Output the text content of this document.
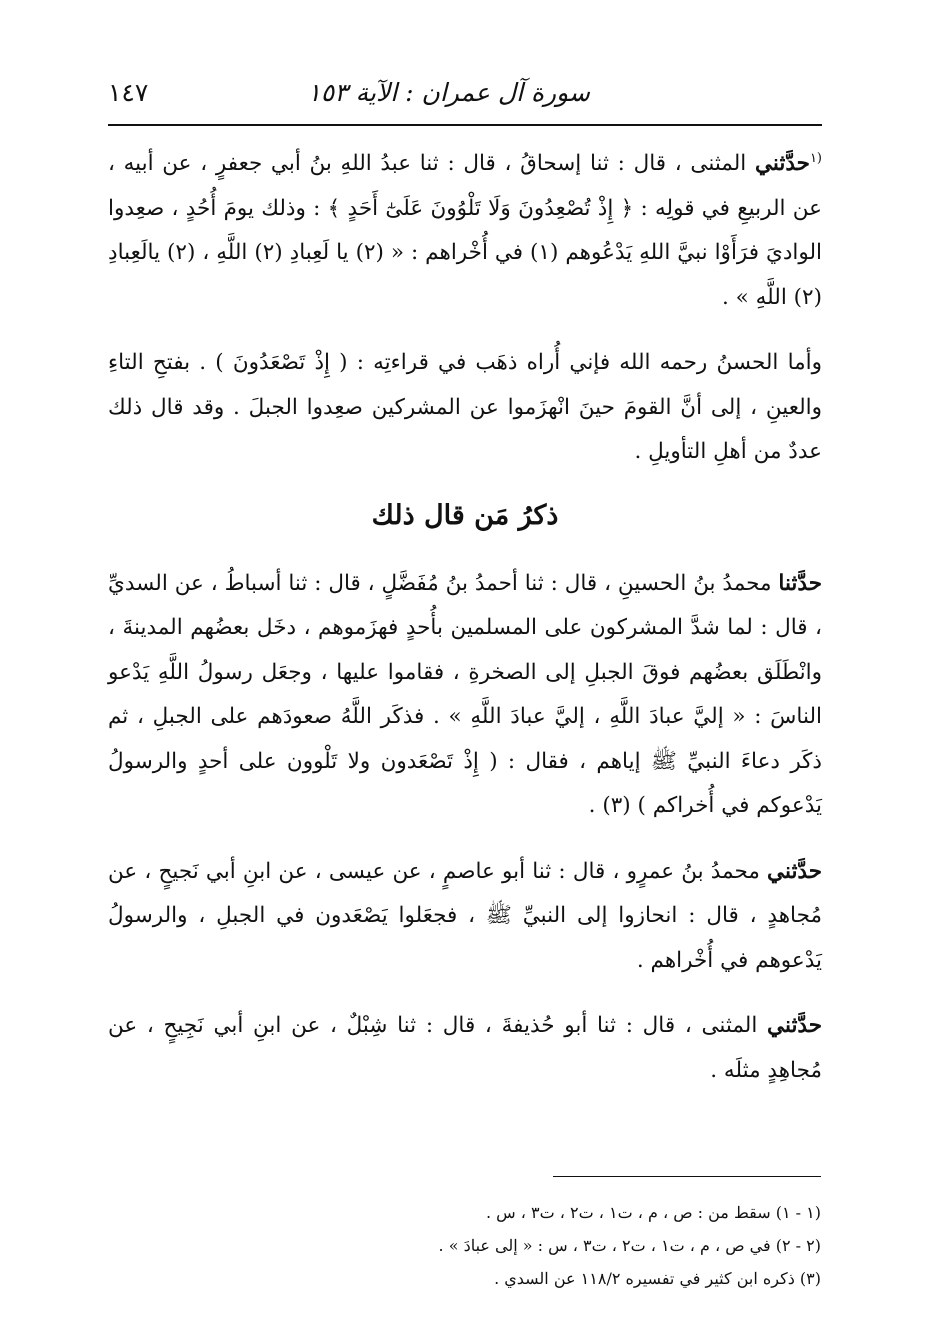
سورة آل عمران : الآية ١٥٣
١٤٧

$^{(١}$حدَّثني المثنى ، قال : ثنا إسحاقُ ، قال : ثنا عبدُ اللهِ بنُ أبي جعفرٍ ، عن أبيه ، عن الربيعِ في قولِه : ﴿ إِذْ تُصْعِدُونَ وَلَا تَلْوُونَ عَلَىٰٓ أَحَدٍ ﴾ : وذلك يومَ أُحُدٍ ، صعِدوا الواديَ فرَأَوْا نبيَّ اللهِ يَدْعُوهم (١) في أُخْراهم : « (٢) يا لَعِبادِ (٢) اللَّهِ ، (٢) يالَعِبادِ (٢) اللَّهِ » .

وأما الحسنُ رحمه الله فإني أُراه ذهَب في قراءتِه : ( إِذْ تَصْعَدُونَ ) . بفتحِ التاءِ والعينِ ، إلى أنَّ القومَ حينَ انْهزَموا عن المشركين صعِدوا الجبلَ . وقد قال ذلك عددٌ من أهلِ التأويلِ .

ذكرُ مَن قال ذلك

حدَّثنا محمدُ بنُ الحسينِ ، قال : ثنا أحمدُ بنُ مُفَضَّلٍ ، قال : ثنا أسباطُ ، عن السديِّ ، قال : لما شدَّ المشركون على المسلمين بأُحدٍ فهزَموهم ، دخَل بعضُهم المدينةَ ، وانْطَلَق بعضُهم فوقَ الجبلِ إلى الصخرةِ ، فقاموا عليها ، وجعَل رسولُ اللَّهِ يَدْعو الناسَ : « إليَّ عبادَ اللَّهِ ، إليَّ عبادَ اللَّهِ » . فذكَر اللَّهُ صعودَهم على الجبلِ ، ثم ذكَر دعاءَ النبيِّ ﷺ إياهم ، فقال : ( إِذْ تَصْعَدون ولا تَلْوون على أحدٍ والرسولُ يَدْعوكم في أُخراكم ) (٣) .

حدَّثني محمدُ بنُ عمرٍو ، قال : ثنا أبو عاصمٍ ، عن عيسى ، عن ابنِ أبي نَجيحٍ ، عن مُجاهدٍ ، قال : انحازوا إلى النبيِّ ﷺ ، فجعَلوا يَصْعَدون في الجبلِ ، والرسولُ يَدْعوهم في أُخْراهم .

حدَّثني المثنى ، قال : ثنا أبو حُذيفةَ ، قال : ثنا شِبْلٌ ، عن ابنِ أبي نَجِيحٍ ، عن مُجاهِدٍ مثلَه .

(١ - ١) سقط من : ص ، م ، ت١ ، ت٢ ، ت٣ ، س .

(٢ - ٢) في ص ، م ، ت١ ، ت٢ ، ت٣ ، س : « إلى عبادَ » .

(٣) ذكره ابن كثير في تفسيره ١١٨/٢ عن السدي .
